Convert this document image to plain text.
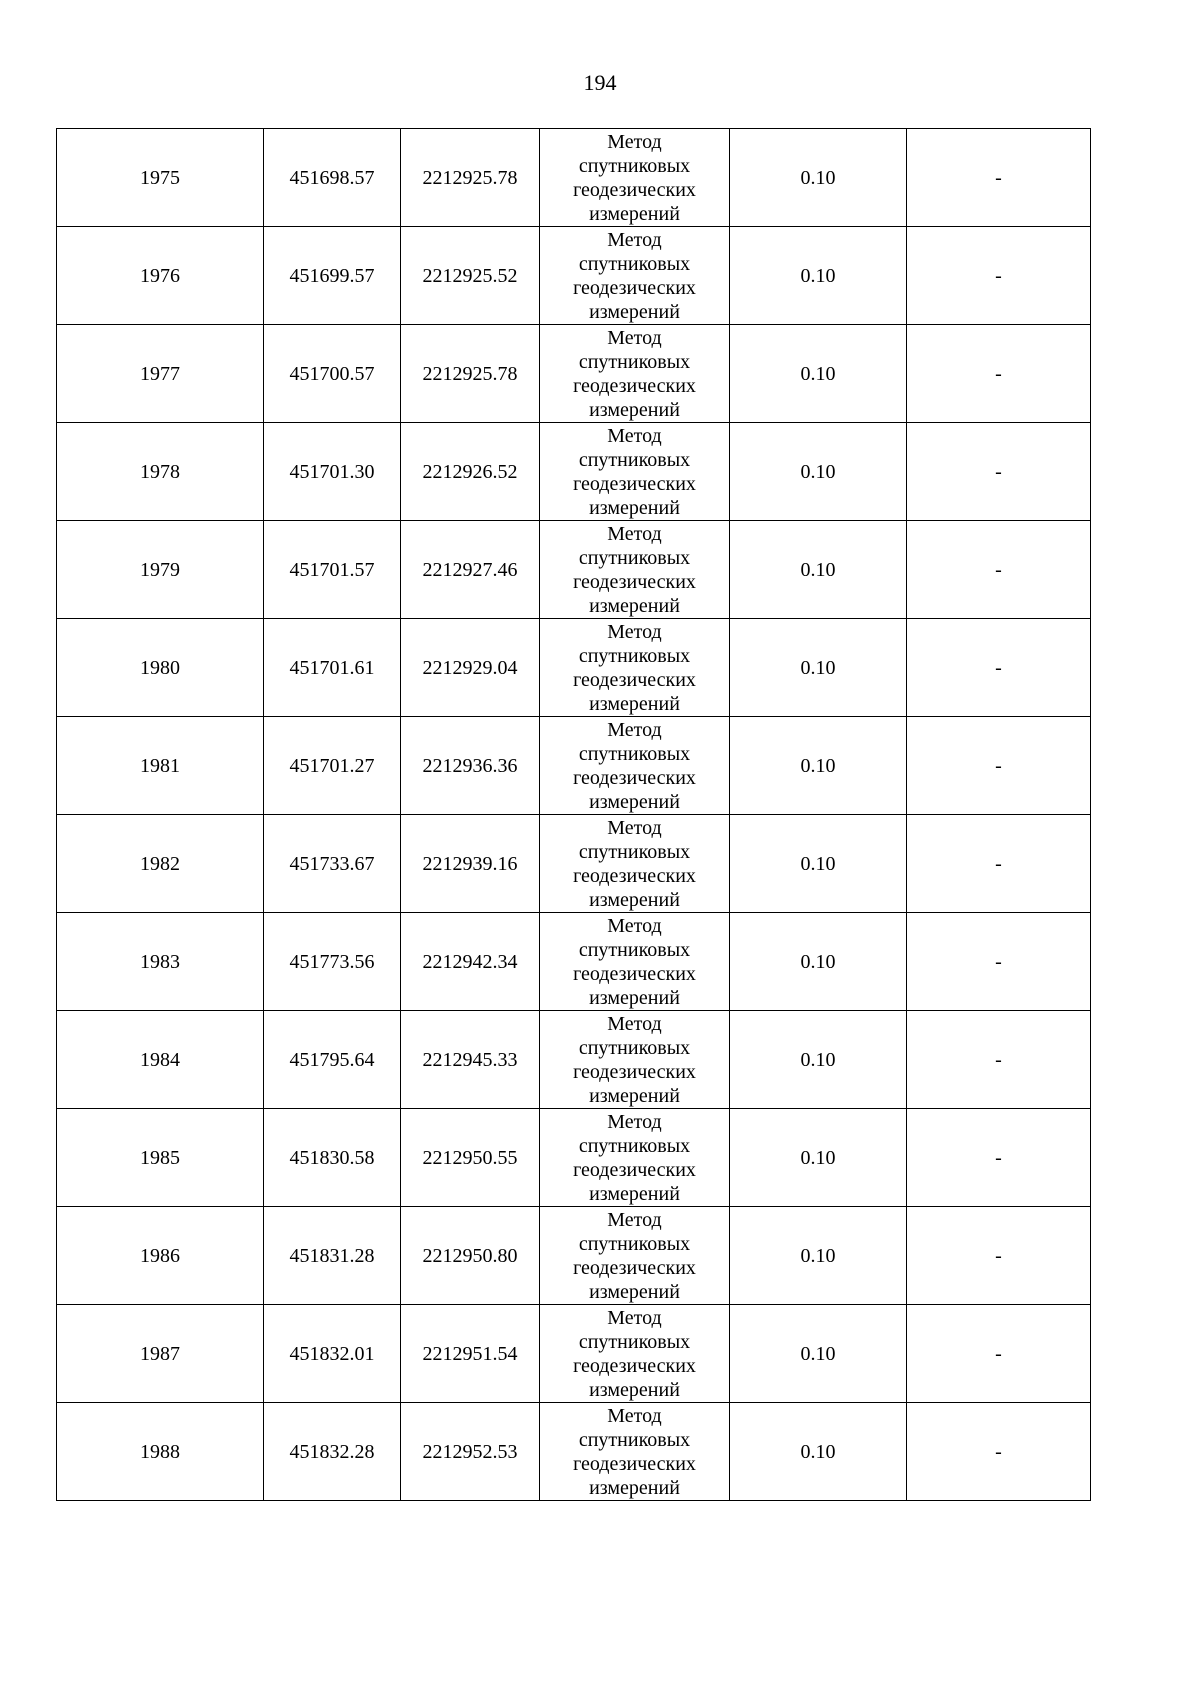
194
1975	451698.57	2212925.78	Метод
спутниковых
геодезических
измерений	0.10	-
1976	451699.57	2212925.52	Метод
спутниковых
геодезических
измерений	0.10	-
1977	451700.57	2212925.78	Метод
спутниковых
геодезических
измерений	0.10	-
1978	451701.30	2212926.52	Метод
спутниковых
геодезических
измерений	0.10	-
1979	451701.57	2212927.46	Метод
спутниковых
геодезических
измерений	0.10	-
1980	451701.61	2212929.04	Метод
спутниковых
геодезических
измерений	0.10	-
1981	451701.27	2212936.36	Метод
спутниковых
геодезических
измерений	0.10	-
1982	451733.67	2212939.16	Метод
спутниковых
геодезических
измерений	0.10	-
1983	451773.56	2212942.34	Метод
спутниковых
геодезических
измерений	0.10	-
1984	451795.64	2212945.33	Метод
спутниковых
геодезических
измерений	0.10	-
1985	451830.58	2212950.55	Метод
спутниковых
геодезических
измерений	0.10	-
1986	451831.28	2212950.80	Метод
спутниковых
геодезических
измерений	0.10	-
1987	451832.01	2212951.54	Метод
спутниковых
геодезических
измерений	0.10	-
1988	451832.28	2212952.53	Метод
спутниковых
геодезических
измерений	0.10	-
